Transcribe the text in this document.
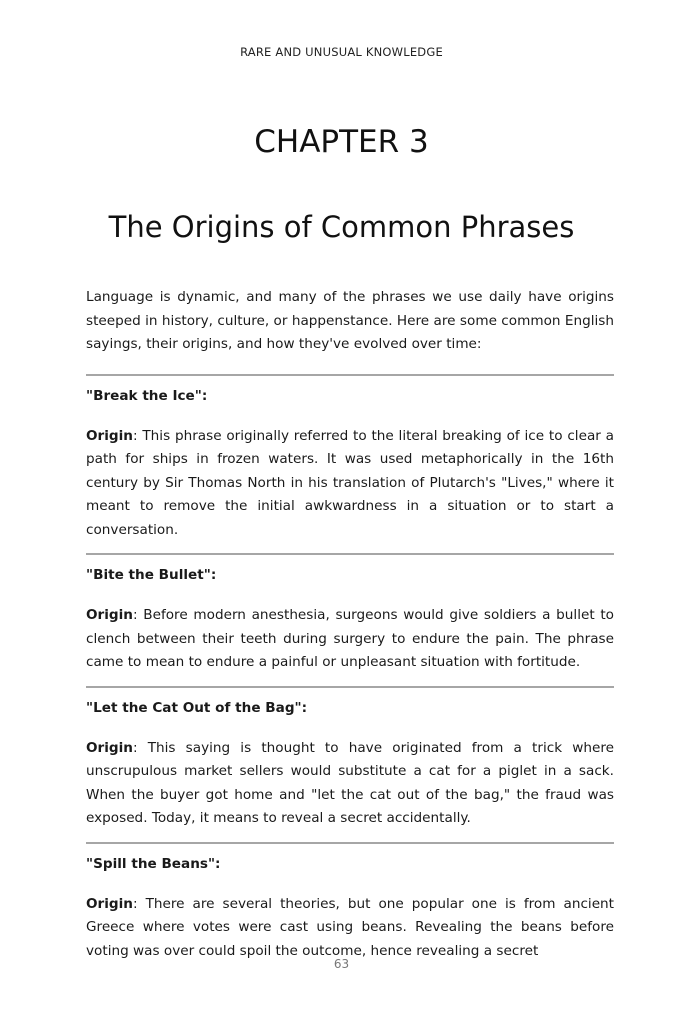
RARE AND UNUSUAL KNOWLEDGE
CHAPTER 3
The Origins of Common Phrases

Language is dynamic, and many of the phrases we use daily have origins steeped in history, culture, or happenstance. Here are some common English sayings, their origins, and how they've evolved over time:

"Break the Ice":

Origin: This phrase originally referred to the literal breaking of ice to clear a path for ships in frozen waters. It was used metaphorically in the 16th century by Sir Thomas North in his translation of Plutarch's "Lives," where it meant to remove the initial awkwardness in a situation or to start a conversation.

"Bite the Bullet":

Origin: Before modern anesthesia, surgeons would give soldiers a bullet to clench between their teeth during surgery to endure the pain. The phrase came to mean to endure a painful or unpleasant situation with fortitude.

"Let the Cat Out of the Bag":

Origin: This saying is thought to have originated from a trick where unscrupulous market sellers would substitute a cat for a piglet in a sack. When the buyer got home and "let the cat out of the bag," the fraud was exposed. Today, it means to reveal a secret accidentally.

"Spill the Beans":

Origin: There are several theories, but one popular one is from ancient Greece where votes were cast using beans. Revealing the beans before voting was over could spoil the outcome, hence revealing a secret

63
